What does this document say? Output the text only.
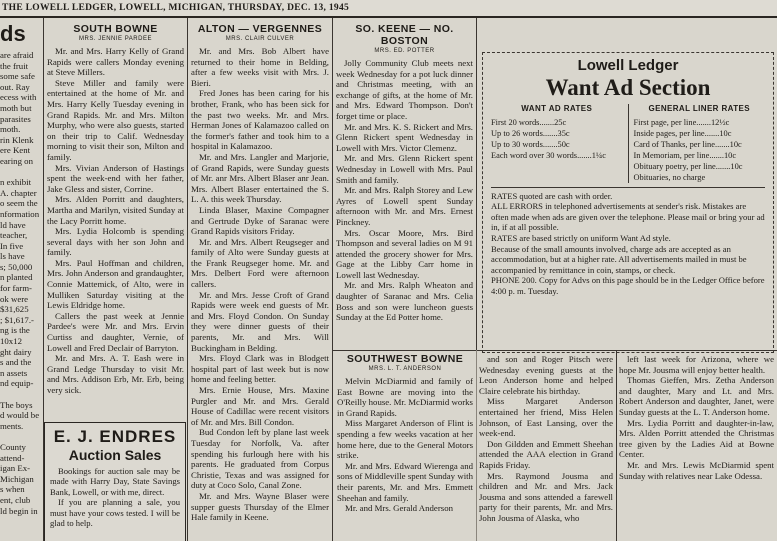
THE LOWELL LEDGER, LOWELL, MICHIGAN, THURSDAY, DEC. 13, 1945
ds
are afraid
the fruit
some safe
out. Ray
ecess with
moth but
parasites
moth.
rin Klenk
ere Kent
earing on
n exhibit
A. chapter
o seem the
nformation
ld have
teacher,
In five
ls have
s; 50,000
n planted
for farm-
ok were
$31,625
; $1,617.-
ng is the
10x12
ght dairy
s and the
n assets
nd equip-
The boys
d would be
ments.
County
attend-
igan Ex-
Michigan
s when
ent, club
ld begin in
SOUTH BOWNE
MRS. JENNIE PARDEE

Mr. and Mrs. Harry Kelly of Grand Rapids were callers Monday evening at Steve Millers.

Steve Miller and family were entertained at the home of Mr. and Mrs. Harry Kelly Tuesday evening in Grand Rapids. Mr. and Mrs. Milton Murphy, who were also guests, started on their trip to Calif. Wednesday morning to visit their son, Milton and family.

Mrs. Vivian Anderson of Hastings spent the week-end with her father, Jake Gless and sister, Corrine.

Mrs. Alden Porritt and daughters, Martha and Marilyn, visited Sunday at the Lacy Porritt home.

Mrs. Lydia Holcomb is spending several days with her son John and family.

Mrs. Paul Hoffman and children, Mrs. John Anderson and grandaughter, Connie Mattemick, of Alto, were in Mulliken Saturday visiting at the Lewis Eldridge home.

Callers the past week at Jennie Pardee's were Mr. and Mrs. Ervin Curtiss and daughter, Vernie, of Lowell and Fred Declair of Barryton.

Mr. and Mrs. A. T. Eash were in Grand Ledge Thursday to visit Mr. and Mrs. Addison Erb, Mr. Erb, being very sick.

E. J. ENDRES
Auction Sales

Bookings for auction sale may be made with Harry Day, State Savings Bank, Lowell, or with me, direct.

If you are planning a sale, you must have your cows tested. I will be glad to help.

ALTON — VERGENNES
MRS. CLAIR CULVER

Mr. and Mrs. Bob Albert have returned to their home in Belding, after a few weeks visit with Mrs. J. Bieri.

Fred Jones has been caring for his brother, Frank, who has been sick for the past two weeks. Mr. and Mrs. Herman Jones of Kalamazoo called on the former's father and took him to a hospital in Kalamazoo.

Mr. and Mrs. Langler and Marjorie, of Grand Rapids, were Sunday guests of Mr. anr Mrs. Albert Blaser anr Jean. Mrs. Albert Blaser entertained the S. L. A. this week Thursday.

Linda Blaser, Maxine Compagner and Gertrude Dyke of Saranac were Grand Rapids visitors Friday.

Mr. and Mrs. Albert Reugseger and family of Alto were Sunday guests at the Frank Reugseger home. Mr. and Mrs. Delbert Ford were afternoon callers.

Mr. and Mrs. Jesse Croft of Grand Rapids were week end guests of Mr. and Mrs. Floyd Condon. On Sunday they were dinner guests of their parents, Mr. and Mrs. Will Buckingham in Belding.

Mrs. Floyd Clark was in Blodgett hospital part of last week but is now home and feeling better.

Mrs. Ernie House, Mrs. Maxine Purgler and Mr. and Mrs. Gerald House of Cadillac were recent visitors of Mr. and Mrs. Bill Condon.

Bud Condon left by plane last week Tuesday for Norfolk, Va. after spending his furlough here with his parents. He graduated from Corpus Christie, Texas and was assigned for duty at Coco Solo, Canal Zone.

Mr. and Mrs. Wayne Blaser were supper guests Thursday of the Elmer Hale family in Keene.

SO. KEENE — NO. BOSTON
MRS. ED. POTTER

Jolly Community Club meets next week Wednesday for a pot luck dinner and Christmas meeting, with an exchange of gifts, at the home of Mr. and Mrs. Edward Thompson. Don't forget time or place.

Mr. and Mrs. K. S. Rickert and Mrs. Glenn Rickert spent Wednesday in Lowell with Mrs. Victor Clemenz.

Mr. and Mrs. Glenn Rickert spent Wednesday in Lowell with Mrs. Paul Smith and family.

Mr. and Mrs. Ralph Storey and Lew Ayres of Lowell spent Sunday afternoon with Mr. and Mrs. Ernest Pinckney.

Mrs. Oscar Moore, Mrs. Bird Thompson and several ladies on M 91 attended the grocery shower for Mrs. Gage at the Libby Carr home in Lowell last Wednesday.

Mr. and Mrs. Ralph Wheaton and daughter of Saranac and Mrs. Celia Boss and son were luncheon guests Sunday at the Ed Potter home.

Lowell Ledger
Want Ad Section
WANT AD RATES
First 20 words.......25c
Up to 26 words.......35c
Up to 30 words.......50c
Each word over 30 words.......1¼c
GENERAL LINER RATES
First page, per line.......12½c
Inside pages, per line.......10c
Card of Thanks, per line.......10c
In Memoriam, per line.......10c
Obituary poetry, per line.......10c
Obituaries, no charge

RATES quoted are cash with order.

ALL ERRORS in telephoned advertisements at sender's risk. Mistakes are often made when ads are given over the telephone. Please mail or bring your ad in, if at all possible.

RATES are based strictly on uniform Want Ad style.

Because of the small amounts involved, charge ads are accepted as an accommodation, but at a higher rate. All advertisements mailed in must be accompanied by remittance in coin, stamps, or check.

PHONE 200. Copy for Advs on this page should be in the Ledger Office before 4:00 p. m. Tuesday.

SOUTHWEST BOWNE
MRS. L. T. ANDERSON

Melvin McDiarmid and family of East Bowne are moving into the O'Reilly house. Mr. McDiarmid works in Grand Rapids.

Miss Margaret Anderson of Flint is spending a few weeks vacation at her home here, due to the General Motors strike.

Mr. and Mrs. Edward Wierenga and sons of Middleville spent Sunday with their parents, Mr. and Mrs. Emmett Sheehan and family.

Mr. and Mrs. Gerald Anderson

and son and Roger Pitsch were Wednesday evening guests at the Leon Anderson home and helped Claire celebrate his birthday.

Miss Margaret Anderson entertained her friend, Miss Helen Johnson, of East Lansing, over the week-end.

Don Gildden and Emmett Sheehan attended the AAA election in Grand Rapids Friday.

Mrs. Raymond Jousma and children and Mr. and Mrs. Jack Jousma and sons attended a farewell party for their parents, Mr. and Mrs. John Jousma of Alaska, who

left last week for Arizona, where we hope Mr. Jousma will enjoy better health.

Thomas Gieffen, Mrs. Zetha Anderson and daughter, Mary and Lt. and Mrs. Robert Anderson and daughter, Janet, were Sunday guests at the L. T. Anderson home.

Mrs. Lydia Porritt and daughter-in-law, Mrs. Alden Porritt attended the Christmas tree given by the Ladies Aid at Bowne Center.

Mr. and Mrs. Lewis McDiarmid spent Sunday with relatives near Lake Odessa.
